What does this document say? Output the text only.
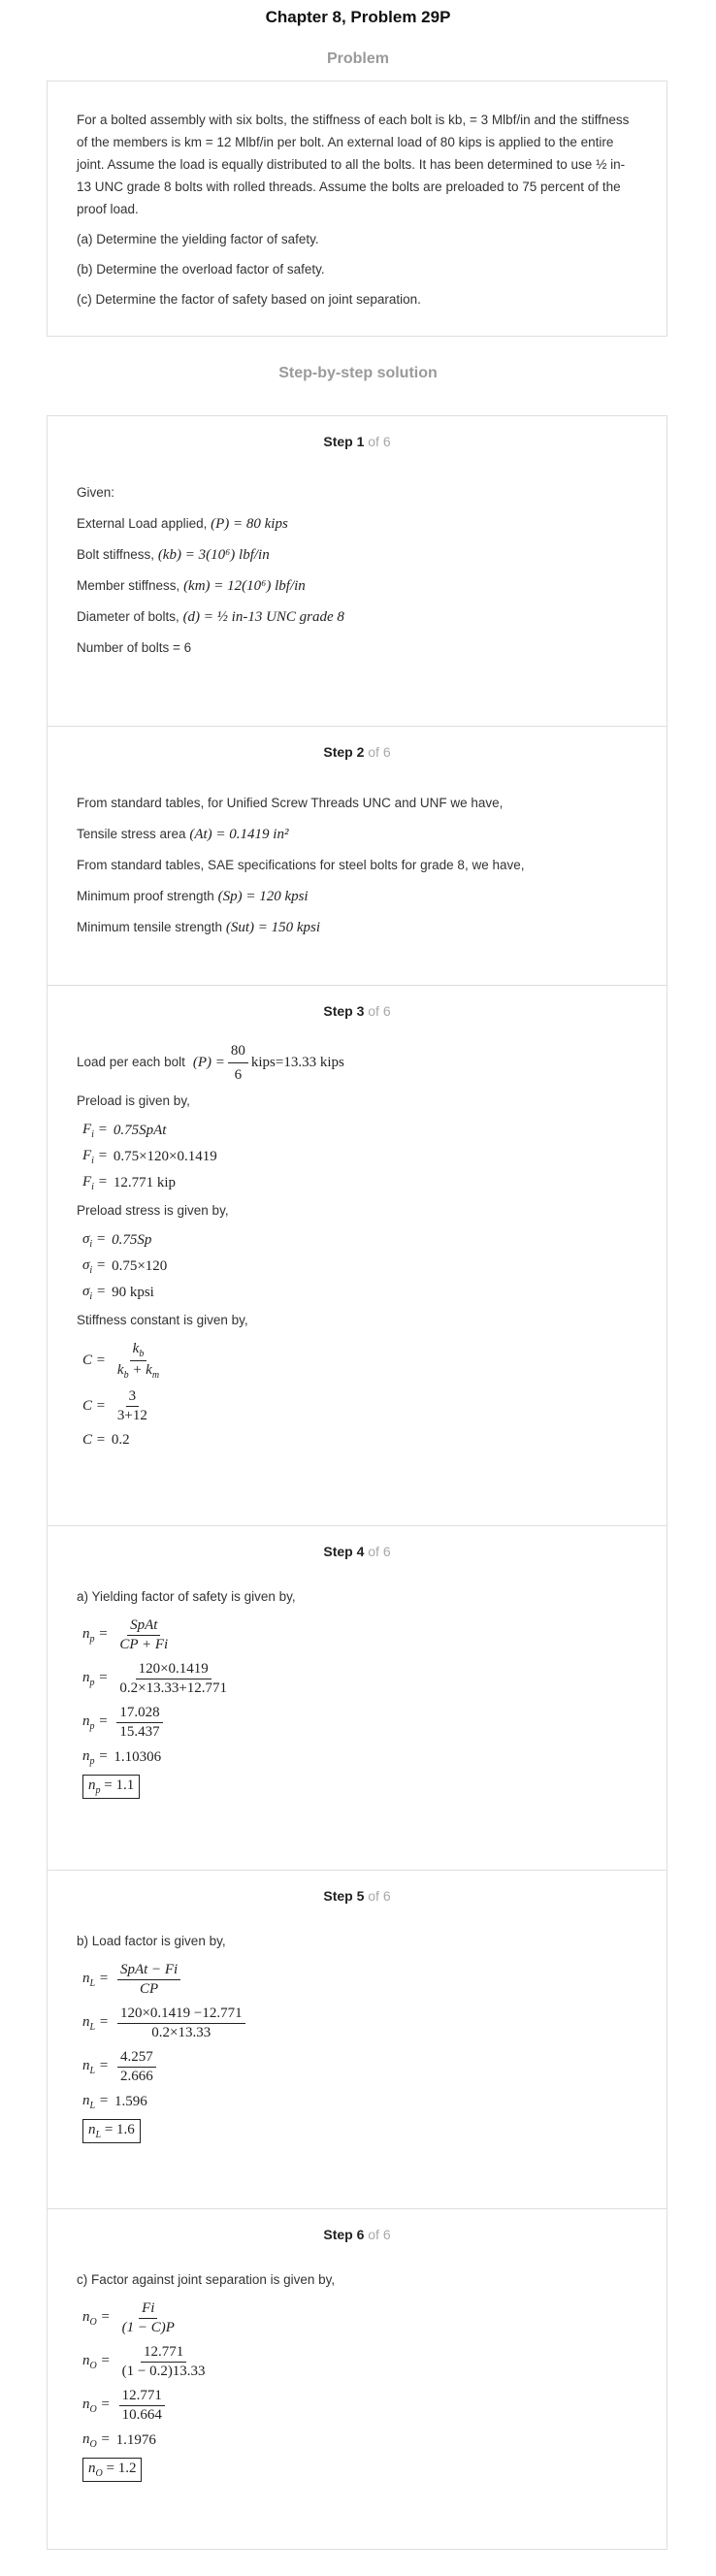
Chapter 8, Problem 29P
Problem

For a bolted assembly with six bolts, the stiffness of each bolt is kb, = 3 Mlbf/in and the stiffness of the members is km = 12 Mlbf/in per bolt. An external load of 80 kips is applied to the entire joint. Assume the load is equally distributed to all the bolts. It has been determined to use ½ in-13 UNC grade 8 bolts with rolled threads. Assume the bolts are preloaded to 75 percent of the proof load.

(a) Determine the yielding factor of safety.

(b) Determine the overload factor of safety.

(c) Determine the factor of safety based on joint separation.

Step-by-step solution
Step 1 of 6
Given:
External Load applied, (P) = 80 kips
Bolt stiffness, (kb) = 3(10⁶) lbf/in
Member stiffness, (km) = 12(10⁶) lbf/in
Diameter of bolts, (d) = ½ in-13 UNC grade 8
Number of bolts = 6
Step 2 of 6
From standard tables, for Unified Screw Threads UNC and UNF we have,
Tensile stress area (At) = 0.1419 in²
From standard tables, SAE specifications for steel bolts for grade 8, we have,
Minimum proof strength (Sp) = 120 kpsi
Minimum tensile strength (Sut) = 150 kpsi
Step 3 of 6
Load per each bolt $(P) = \frac{80}{6}$ kips=13.33 kips
Preload is given by,
$F_i$ = 0.75SpAt
$F_i = 0.75\times 120\times 0.1419$
$F_i = 12.771$ kip
Preload stress is given by,
$\sigma_i = 0.75Sp$
$\sigma_i = 0.75\times 120$
$\sigma_i = 90$ kpsi
Stiffness constant is given by,
$C = \frac{k_b}{k_b + k_m}$
$C = \frac{3}{3+12}$
C = 0.2
Step 4 of 6
a) Yielding factor of safety is given by,
$n_p = \frac{\text{SpAt}}{CP + Fi}$
$n_p = \frac{120\times 0.1419}{0.2\times 13.33+12.771}$
$n_p = \frac{17.028}{15.437}$
$n_p = 1.10306$
$n_p = 1.1$
Step 5 of 6
b) Load factor is given by,
$n_L = \frac{\text{SpAt − Fi}}{CP}$
$n_L = \frac{120\times 0.1419 -12.771}{0.2\times 13.33}$
$n_L = \frac{4.257}{2.666}$
$n_L = 1.596$
$n_L = 1.6$
Step 6 of 6
c) Factor against joint separation is given by,
$n_O = \frac{Fi}{(1 - C)P}$
$n_O = \frac{12.771}{(1 - 0.2)13.33}$
$n_O = \frac{12.771}{10.664}$
$n_O = 1.1976$
$n_O = 1.2$
